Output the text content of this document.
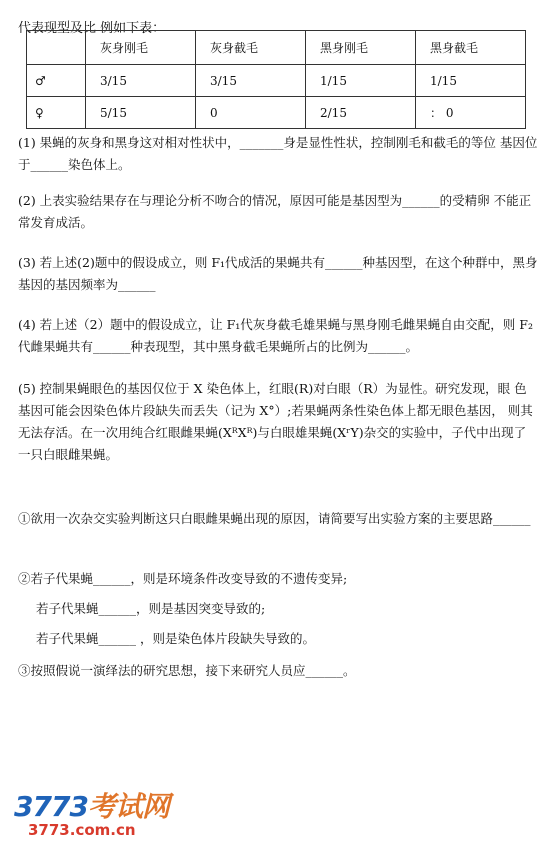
代表现型及比 例如下表：

	灰身刚毛	灰身截毛	黑身刚毛	黑身截毛
♂	3/15	3/15	1/15	1/15
♀	5/15	0	2/15	： 0

(1) 果蝇的灰身和黑身这对相对性状中，_______身是显性性状，控制刚毛和截毛的等位 基因位于______染色体上。

(2) 上表实验结果存在与理论分析不吻合的情况，原因可能是基因型为______的受精卵 不能正常发育成活。

(3) 若上述(2)题中的假设成立，则 F₁代成活的果蝇共有______种基因型，在这个种群中，黑身基因的基因频率为______

(4) 若上述（2）题中的假设成立，让 F₁代灰身截毛雄果蝇与黑身刚毛雌果蝇自由交配，则 F₂代雌果蝇共有______种表现型，其中黑身截毛果蝇所占的比例为______。

(5) 控制果蝇眼色的基因仅位于 X 染色体上，红眼(R)对白眼（R）为显性。研究发现，眼 色基因可能会因染色体片段缺失而丢失（记为 X°）;若果蝇两条性染色体上都无眼色基因， 则其无法存活。在一次用纯合红眼雌果蝇(XᴿXᴿ)与白眼雄果蝇(XʳY)杂交的实验中，子代中出现了一只白眼雌果蝇。

①欲用一次杂交实验判断这只白眼雌果蝇出现的原因，请简要写出实验方案的主要思路______

②若子代果蝇______，则是环境条件改变导致的不遗传变异;

若子代果蝇______，则是基因突变导致的;

若子代果蝇______ ，则是染色体片段缺失导致的。

③按照假说一演绎法的研究思想，接下来研究人员应______。

3773考试网
3773.com.cn
